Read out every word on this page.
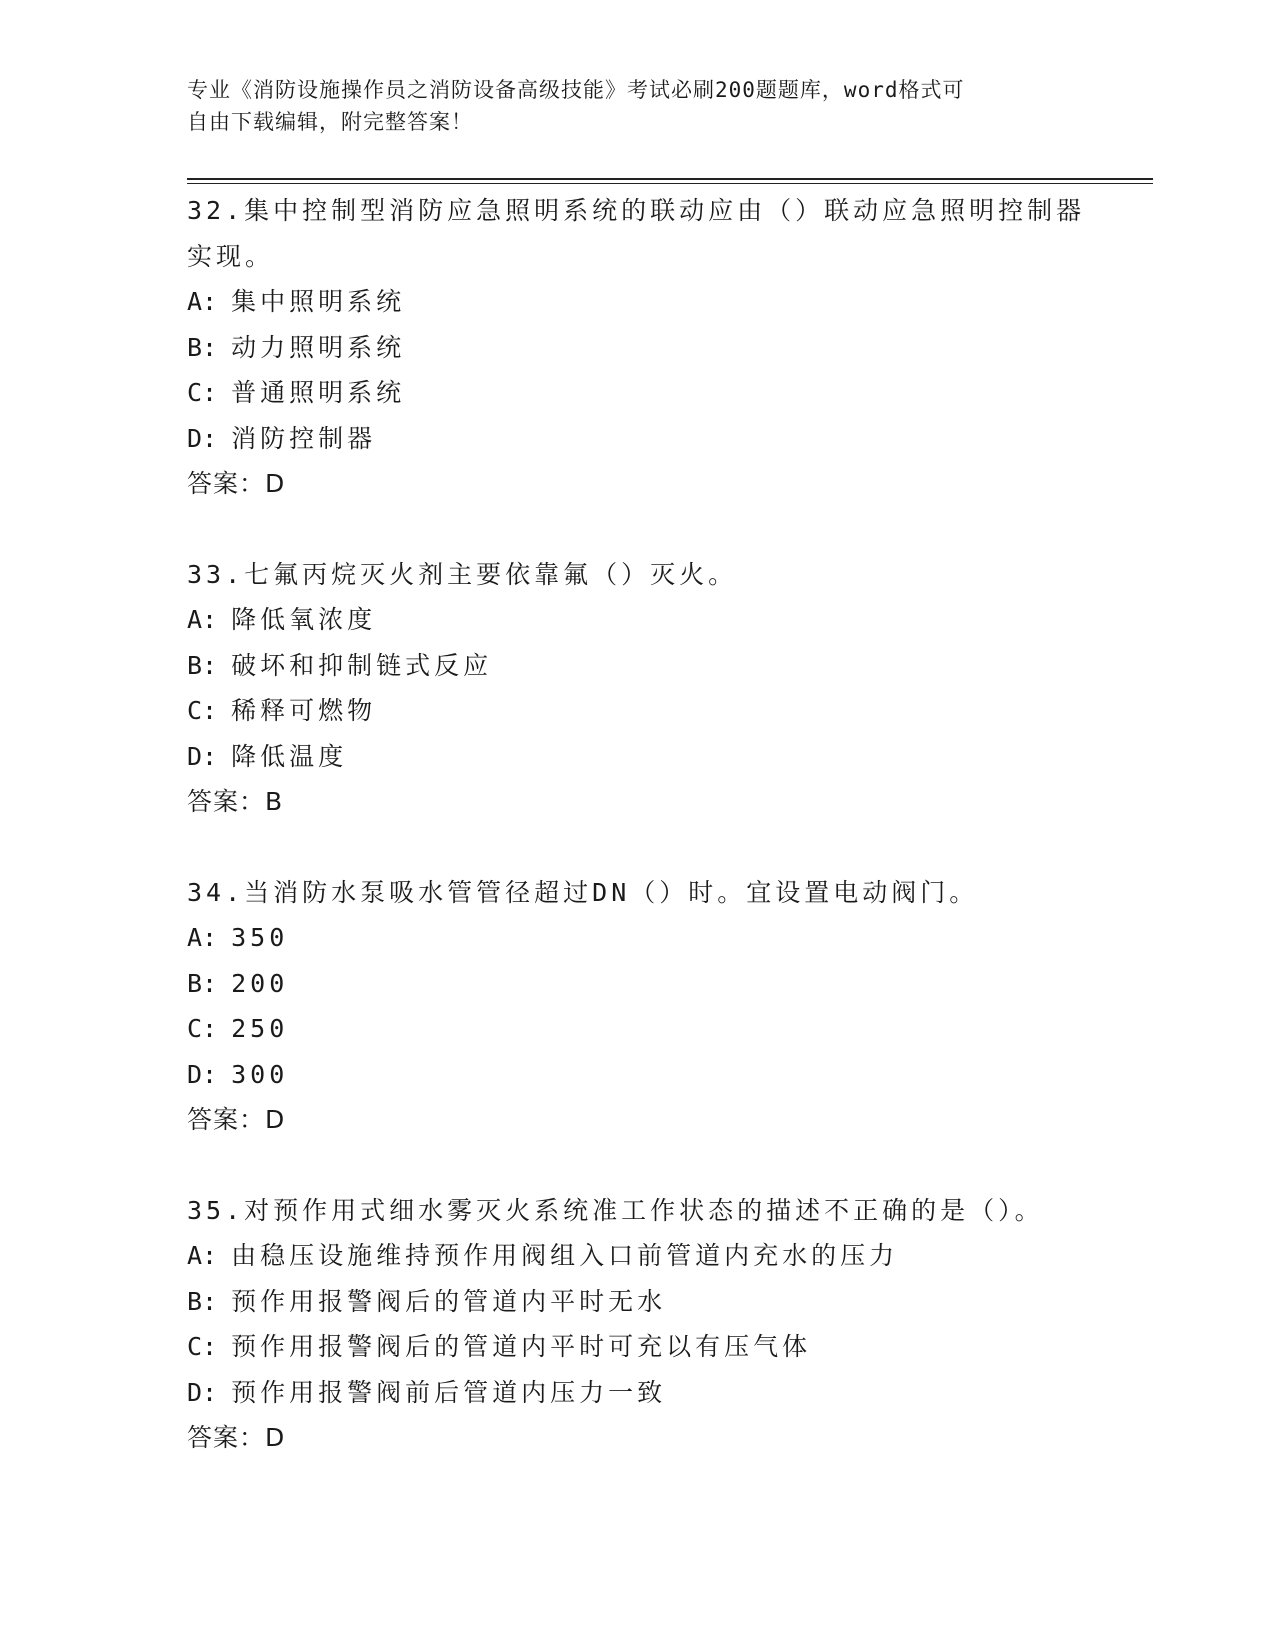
专业《消防设施操作员之消防设备高级技能》考试必刷200题题库，word格式可
自由下载编辑，附完整答案！
32.集中控制型消防应急照明系统的联动应由（）联动应急照明控制器
实现。
A: 集中照明系统
B: 动力照明系统
C: 普通照明系统
D: 消防控制器
答案：D
33.七氟丙烷灭火剂主要依靠氟（）灭火。
A: 降低氧浓度
B: 破坏和抑制链式反应
C: 稀释可燃物
D: 降低温度
答案：B
34.当消防水泵吸水管管径超过DN（）时。宜设置电动阀门。
A: 350
B: 200
C: 250
D: 300
答案：D
35.对预作用式细水雾灭火系统准工作状态的描述不正确的是（）。
A: 由稳压设施维持预作用阀组入口前管道内充水的压力
B: 预作用报警阀后的管道内平时无水
C: 预作用报警阀后的管道内平时可充以有压气体
D: 预作用报警阀前后管道内压力一致
答案：D
